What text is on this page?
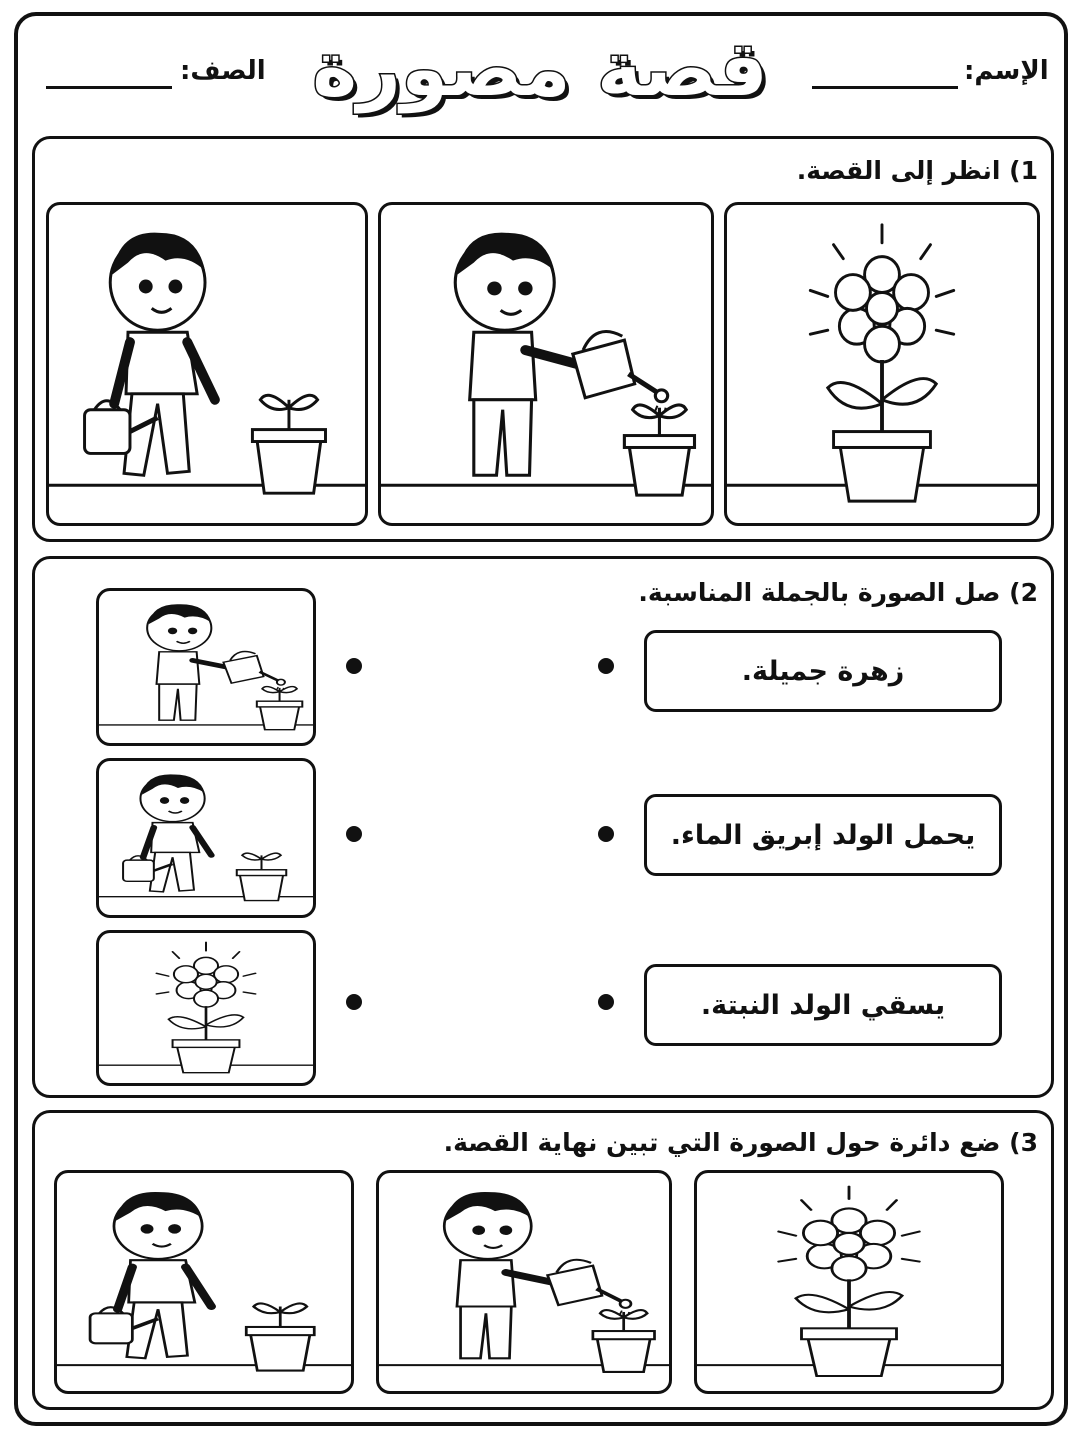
الإسم:
قصة مصورة
الصف:
1) انظر إلى القصة.
2) صل الصورة بالجملة المناسبة.
زهرة جميلة.
يحمل الولد إبريق الماء.
يسقي الولد النبتة.
3) ضع دائرة حول الصورة التي تبين نهاية القصة.
